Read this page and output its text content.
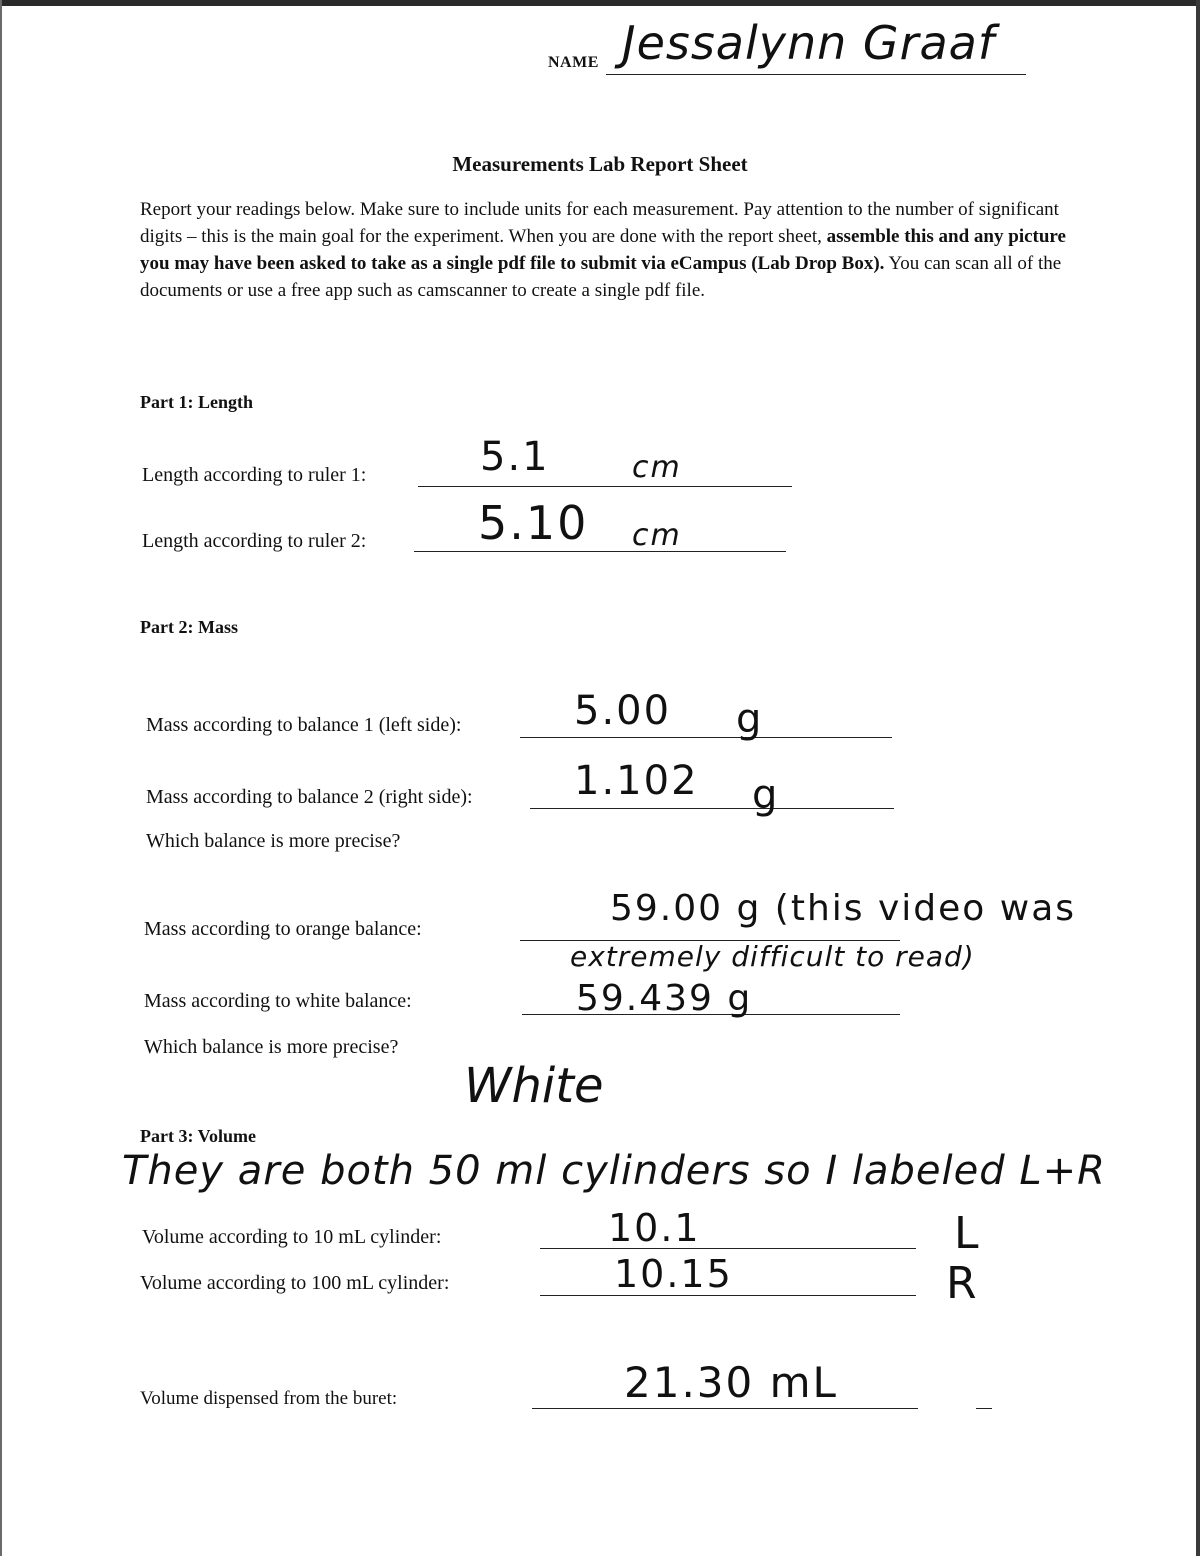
NAME Jessalynn Graaf
Measurements Lab Report Sheet
Report your readings below. Make sure to include units for each measurement. Pay attention to the number of significant digits – this is the main goal for the experiment. When you are done with the report sheet, assemble this and any picture you may have been asked to take as a single pdf file to submit via eCampus (Lab Drop Box). You can scan all of the documents or use a free app such as camscanner to create a single pdf file.
Part 1: Length
Length according to ruler 1:	5.1	cm
Length according to ruler 2: 5.10 cm
Part 2: Mass
Mass according to balance 1 (left side):	5.00 g
Mass according to balance 2 (right side):	1.102 g
Which balance is more precise?
Mass according to orange balance:	59.00 g (this video was
extremely difficult to read)
Mass according to white balance:	59.439 g
Which balance is more precise?
White
Part 3: Volume
They are both 50 ml cylinders so I labeled L+R
Volume according to 10 mL cylinder:	10.1	L
Volume according to 100 mL cylinder:	10.15	R
Volume dispensed from the buret:	21.30 mL
